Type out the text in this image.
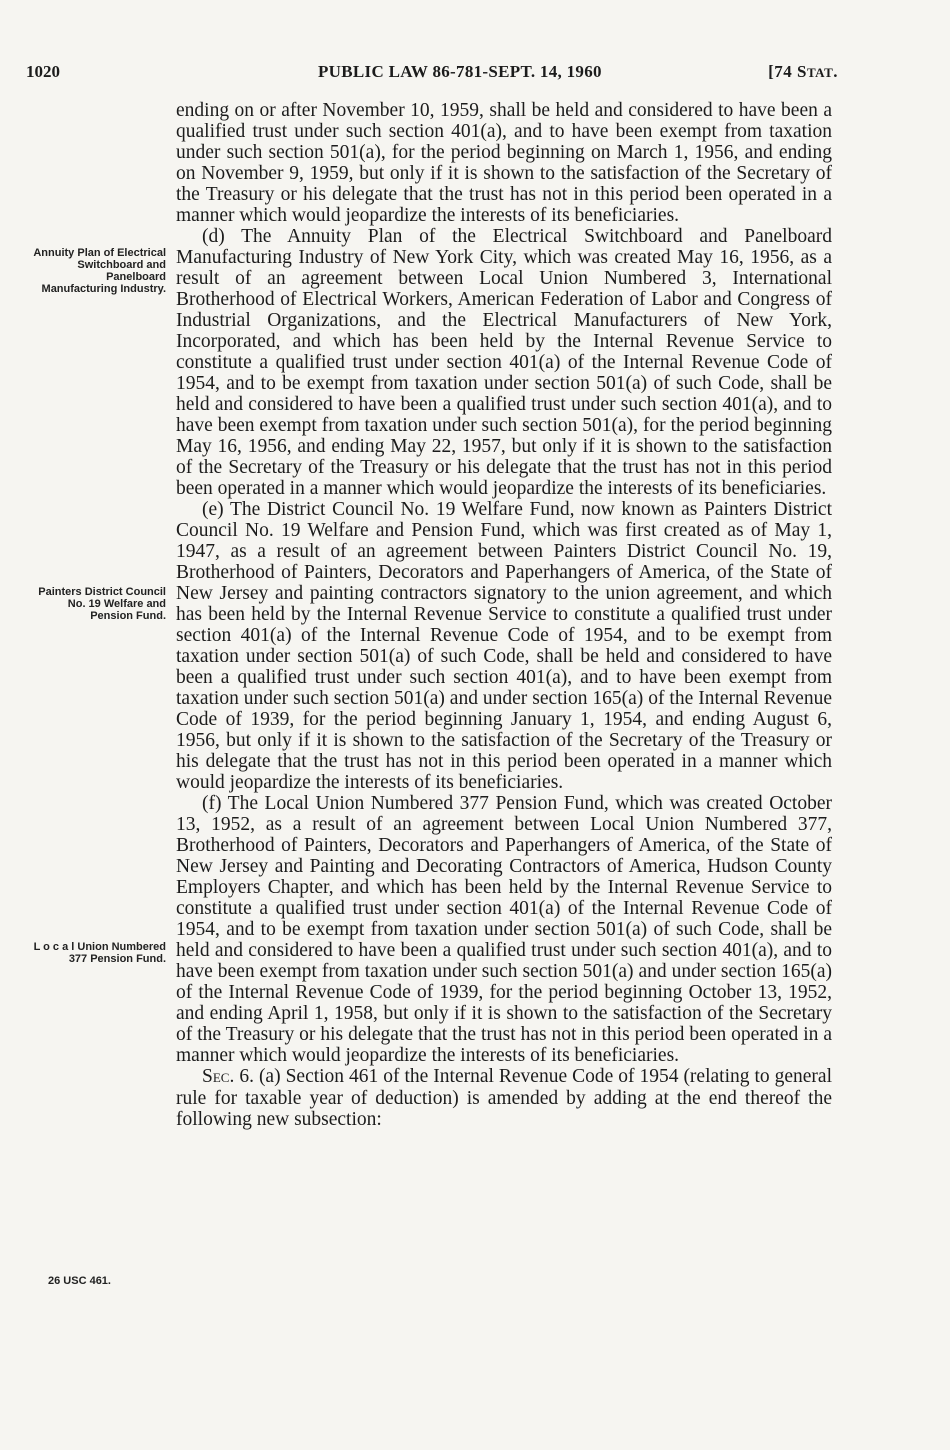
1020	PUBLIC LAW 86-781-SEPT. 14, 1960	[74 STAT.
Annuity Plan of Electrical Switchboard and Panelboard Manufacturing Industry.
Painters District Council No. 19 Welfare and Pension Fund.
L o c a l Union Numbered 377 Pension Fund.
26 USC 461.

ending on or after November 10, 1959, shall be held and considered to have been a qualified trust under such section 401(a), and to have been exempt from taxation under such section 501(a), for the period beginning on March 1, 1956, and ending on November 9, 1959, but only if it is shown to the satisfaction of the Secretary of the Treasury or his delegate that the trust has not in this period been operated in a manner which would jeopardize the interests of its beneficiaries.

(d) The Annuity Plan of the Electrical Switchboard and Panelboard Manufacturing Industry of New York City, which was created May 16, 1956, as a result of an agreement between Local Union Numbered 3, International Brotherhood of Electrical Workers, American Federation of Labor and Congress of Industrial Organizations, and the Electrical Manufacturers of New York, Incorporated, and which has been held by the Internal Revenue Service to constitute a qualified trust under section 401(a) of the Internal Revenue Code of 1954, and to be exempt from taxation under section 501(a) of such Code, shall be held and considered to have been a qualified trust under such section 401(a), and to have been exempt from taxation under such section 501(a), for the period beginning May 16, 1956, and ending May 22, 1957, but only if it is shown to the satisfaction of the Secretary of the Treasury or his delegate that the trust has not in this period been operated in a manner which would jeopardize the interests of its beneficiaries.

(e) The District Council No. 19 Welfare Fund, now known as Painters District Council No. 19 Welfare and Pension Fund, which was first created as of May 1, 1947, as a result of an agreement between Painters District Council No. 19, Brotherhood of Painters, Decorators and Paperhangers of America, of the State of New Jersey and painting contractors signatory to the union agreement, and which has been held by the Internal Revenue Service to constitute a qualified trust under section 401(a) of the Internal Revenue Code of 1954, and to be exempt from taxation under section 501(a) of such Code, shall be held and considered to have been a qualified trust under such section 401(a), and to have been exempt from taxation under such section 501(a) and under section 165(a) of the Internal Revenue Code of 1939, for the period beginning January 1, 1954, and ending August 6, 1956, but only if it is shown to the satisfaction of the Secretary of the Treasury or his delegate that the trust has not in this period been operated in a manner which would jeopardize the interests of its beneficiaries.

(f) The Local Union Numbered 377 Pension Fund, which was created October 13, 1952, as a result of an agreement between Local Union Numbered 377, Brotherhood of Painters, Decorators and Paperhangers of America, of the State of New Jersey and Painting and Decorating Contractors of America, Hudson County Employers Chapter, and which has been held by the Internal Revenue Service to constitute a qualified trust under section 401(a) of the Internal Revenue Code of 1954, and to be exempt from taxation under section 501(a) of such Code, shall be held and considered to have been a qualified trust under such section 401(a), and to have been exempt from taxation under such section 501(a) and under section 165(a) of the Internal Revenue Code of 1939, for the period beginning October 13, 1952, and ending April 1, 1958, but only if it is shown to the satisfaction of the Secretary of the Treasury or his delegate that the trust has not in this period been operated in a manner which would jeopardize the interests of its beneficiaries.

SEC. 6. (a) Section 461 of the Internal Revenue Code of 1954 (relating to general rule for taxable year of deduction) is amended by adding at the end thereof the following new subsection:
